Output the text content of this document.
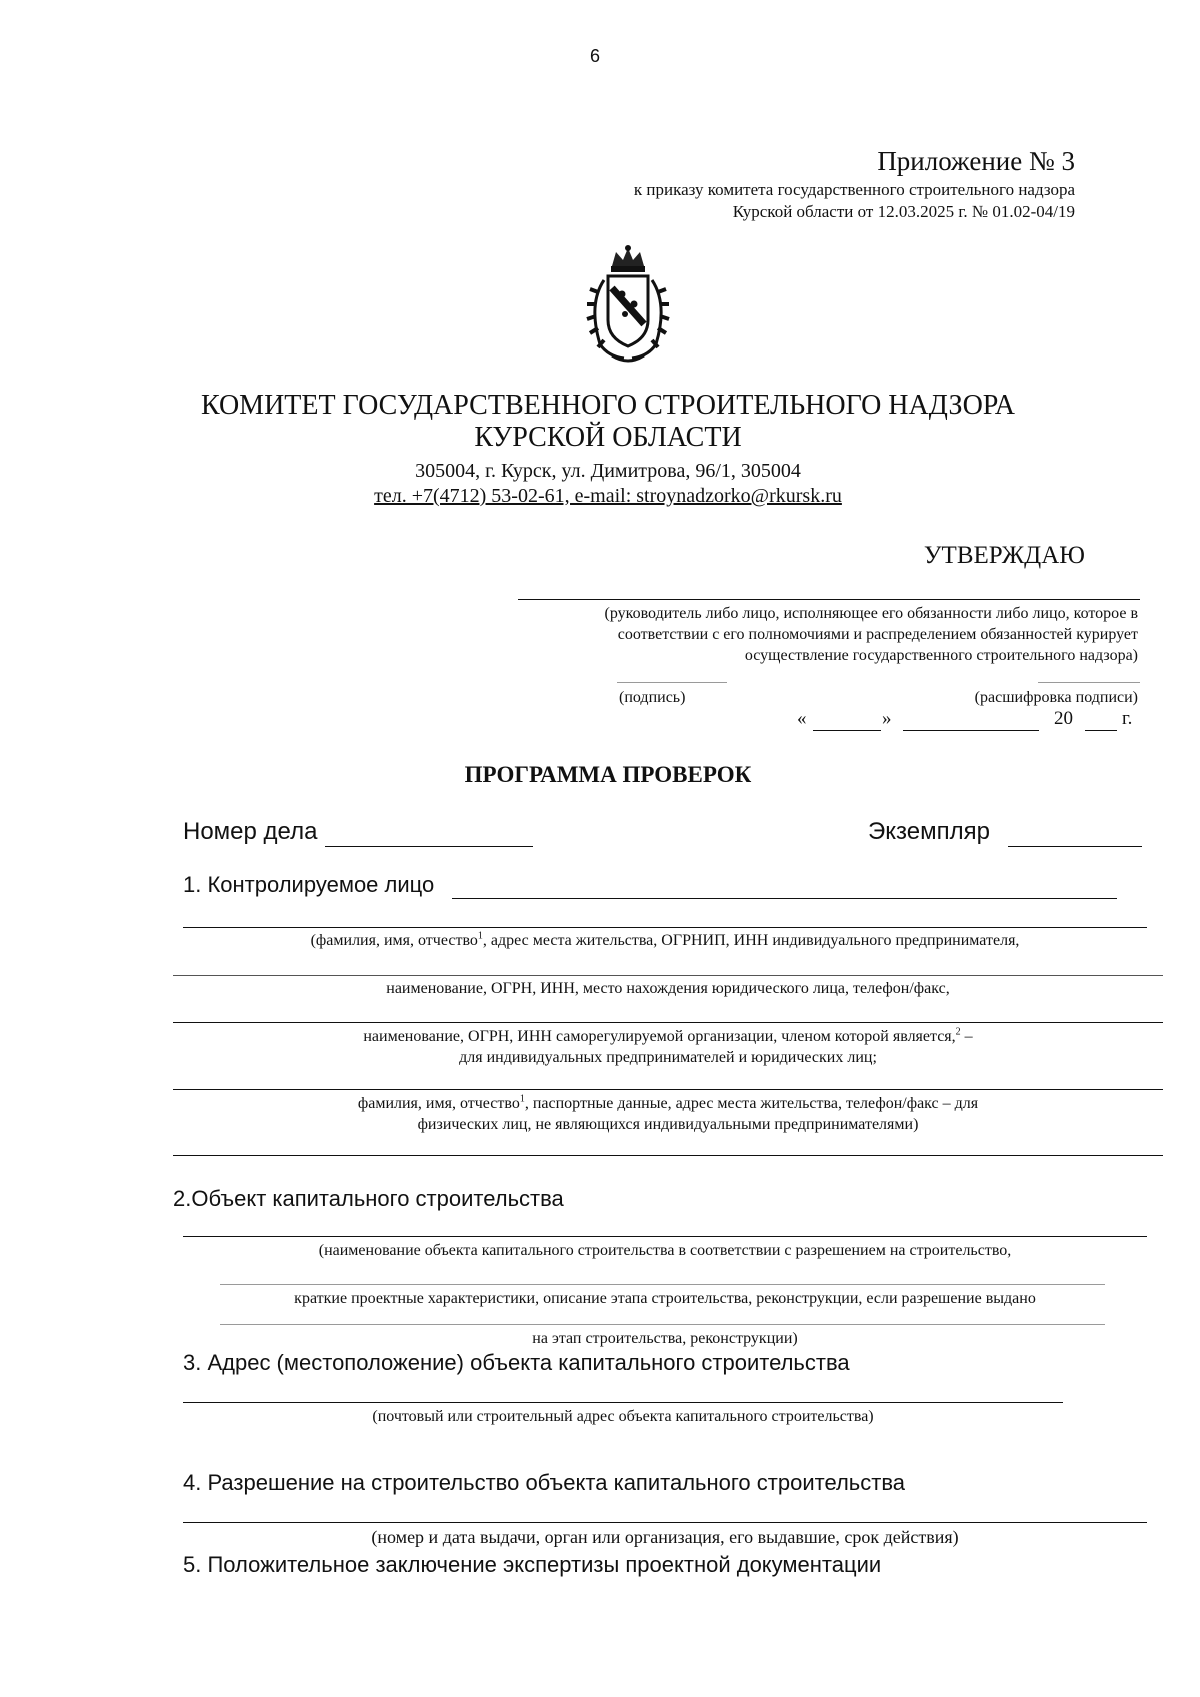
6
Приложение № 3
к приказу комитета государственного строительного надзора
Курской области от 12.03.2025 г. № 01.02-04/19
КОМИТЕТ ГОСУДАРСТВЕННОГО СТРОИТЕЛЬНОГО НАДЗОРА
КУРСКОЙ ОБЛАСТИ
305004, г. Курск, ул. Димитрова, 96/1, 305004
тел. +7(4712) 53-02-61, e-mail: stroynadzorko@rkursk.ru
УТВЕРЖДАЮ
(руководитель либо лицо, исполняющее его обязанности либо лицо, которое в
соответствии с его полномочиями и распределением обязанностей курирует
осуществление государственного строительного надзора)
(подпись)	(расшифровка подписи)
«	»	20	г.
ПРОГРАММА ПРОВЕРОК
Номер дела	Экземпляр
1. Контролируемое лицо
(фамилия, имя, отчество$^1$, адрес места жительства, ОГРНИП, ИНН индивидуального предпринимателя,
наименование, ОГРН, ИНН, место нахождения юридического лица, телефон/факс,
наименование, ОГРН, ИНН саморегулируемой организации, членом которой является,$^2$ –
для индивидуальных предпринимателей и юридических лиц;
фамилия, имя, отчество$^1$, паспортные данные, адрес места жительства, телефон/факс – для
физических лиц, не являющихся индивидуальными предпринимателями)
2.Объект капитального строительства
(наименование объекта капитального строительства в соответствии с разрешением на строительство,
краткие проектные характеристики, описание этапа строительства, реконструкции, если разрешение выдано
на этап строительства, реконструкции)
3. Адрес (местоположение) объекта капитального строительства
(почтовый или строительный адрес объекта капитального строительства)
4. Разрешение на строительство объекта капитального строительства
(номер и дата выдачи, орган или организация, его выдавшие, срок действия)
5. Положительное заключение экспертизы проектной документации
